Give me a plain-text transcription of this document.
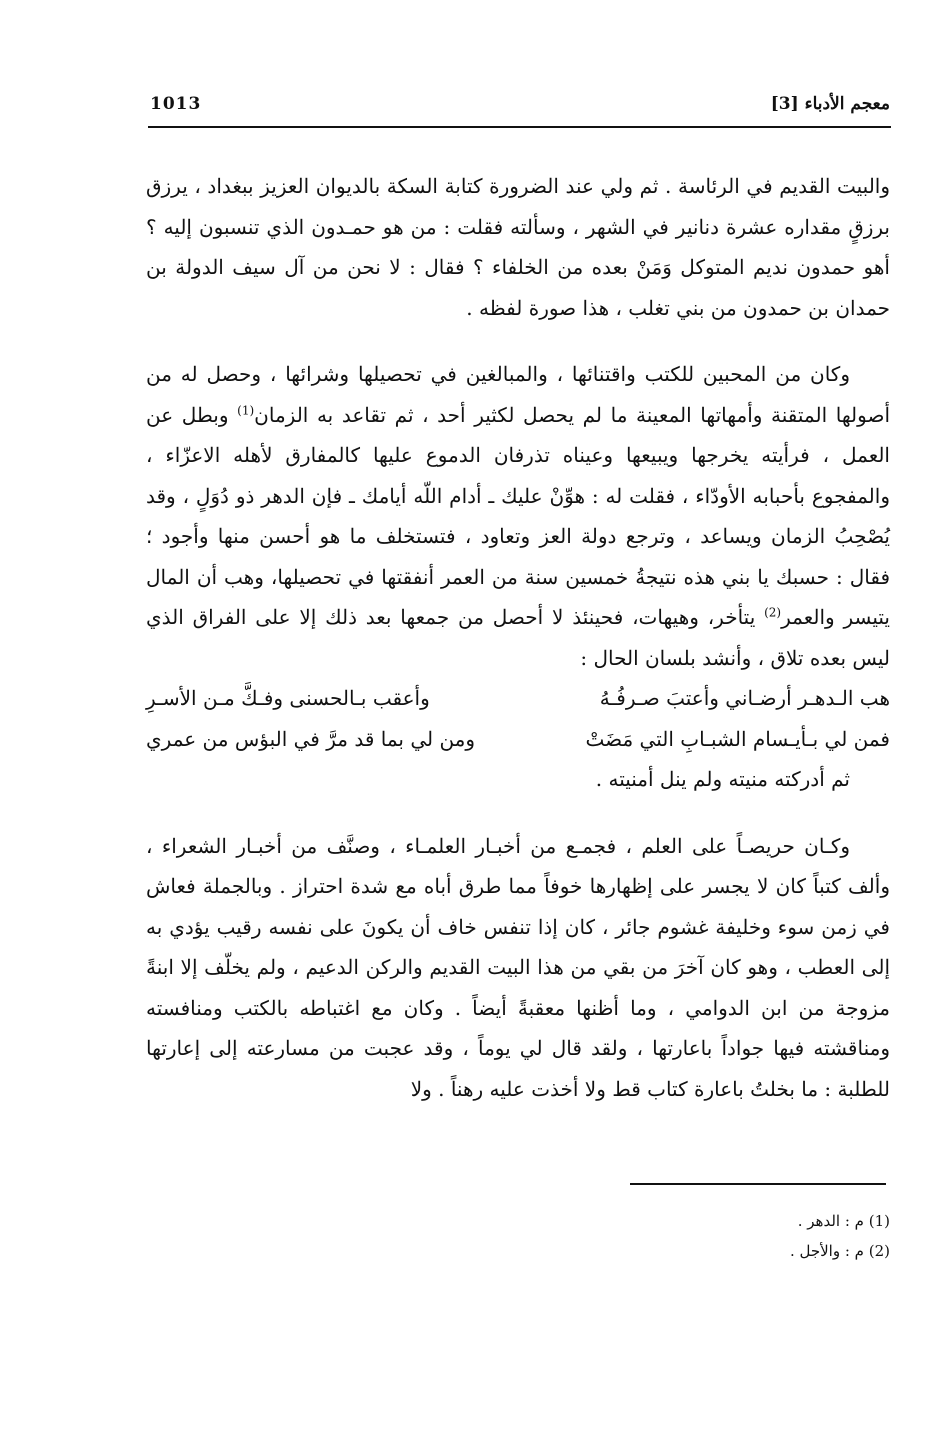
معجم الأدباء [3]
1013

والبيت القديم في الرئاسة . ثم ولي عند الضرورة كتابة السكة بالديوان العزيز ببغداد ، يرزق برزقٍ مقداره عشرة دنانير في الشهر ، وسألته فقلت : من هو حمـدون الذي تنسبون إليه ؟ أهو حمدون نديم المتوكل وَمَنْ بعده من الخلفاء ؟ فقال : لا نحن من آل سيف الدولة بن حمدان بن حمدون من بني تغلب ، هذا صورة لفظه .

وكان من المحبين للكتب واقتنائها ، والمبالغين في تحصيلها وشرائها ، وحصل له من أصولها المتقنة وأمهاتها المعينة ما لم يحصل لكثير أحد ، ثم تقاعد به الزمان$^{(1)}$ وبطل عن العمل ، فرأيته يخرجها ويبيعها وعيناه تذرفان الدموع عليها كالمفارق لأهله الاعزّاء ، والمفجوع بأحبابه الأودّاء ، فقلت له : هوِّنْ عليك ـ أدام اللّه أيامك ـ فإن الدهر ذو دُوَلٍ ، وقد يُصْحِبُ الزمان ويساعد ، وترجع دولة العز وتعاود ، فتستخلف ما هو أحسن منها وأجود ؛ فقال : حسبك يا بني هذه نتيجةُ خمسين سنة من العمر أنفقتها في تحصيلها، وهب أن المال يتيسر والعمر$^{(2)}$ يتأخر، وهيهات، فحينئذ لا أحصل من جمعها بعد ذلك إلا على الفراق الذي ليس بعده تلاق ، وأنشد بلسان الحال :

هب الـدهـر أرضـاني وأعتبَ صـرفُـهُ
وأعقب بـالحسنى وفـكَّ مـن الأسـرِ
فمن لي بـأيـسام الشبـابِ التي مَضَتْ
ومن لي بما قد مرَّ في البؤس من عمري

ثم أدركته منيته ولم ينل أمنيته .

وكـان حريصـاً على العلم ، فجمـع من أخبـار العلمـاء ، وصنَّف من أخبـار الشعراء ، وألف كتباً كان لا يجسر على إظهارها خوفاً مما طرق أباه مع شدة احتراز . وبالجملة فعاش في زمن سوء وخليفة غشوم جائر ، كان إذا تنفس خاف أن يكونَ على نفسه رقيب يؤدي به إلى العطب ، وهو كان آخرَ من بقي من هذا البيت القديم والركن الدعيم ، ولم يخلّف إلا ابنةً مزوجة من ابن الدوامي ، وما أظنها معقبةً أيضاً . وكان مع اغتباطه بالكتب ومنافسته ومناقشته فيها جواداً باعارتها ، ولقد قال لي يوماً ، وقد عجبت من مسارعته إلى إعارتها للطلبة : ما بخلتُ باعارة كتاب قط ولا أخذت عليه رهناً . ولا

(1) م : الدهر .

(2) م : والأجل .
